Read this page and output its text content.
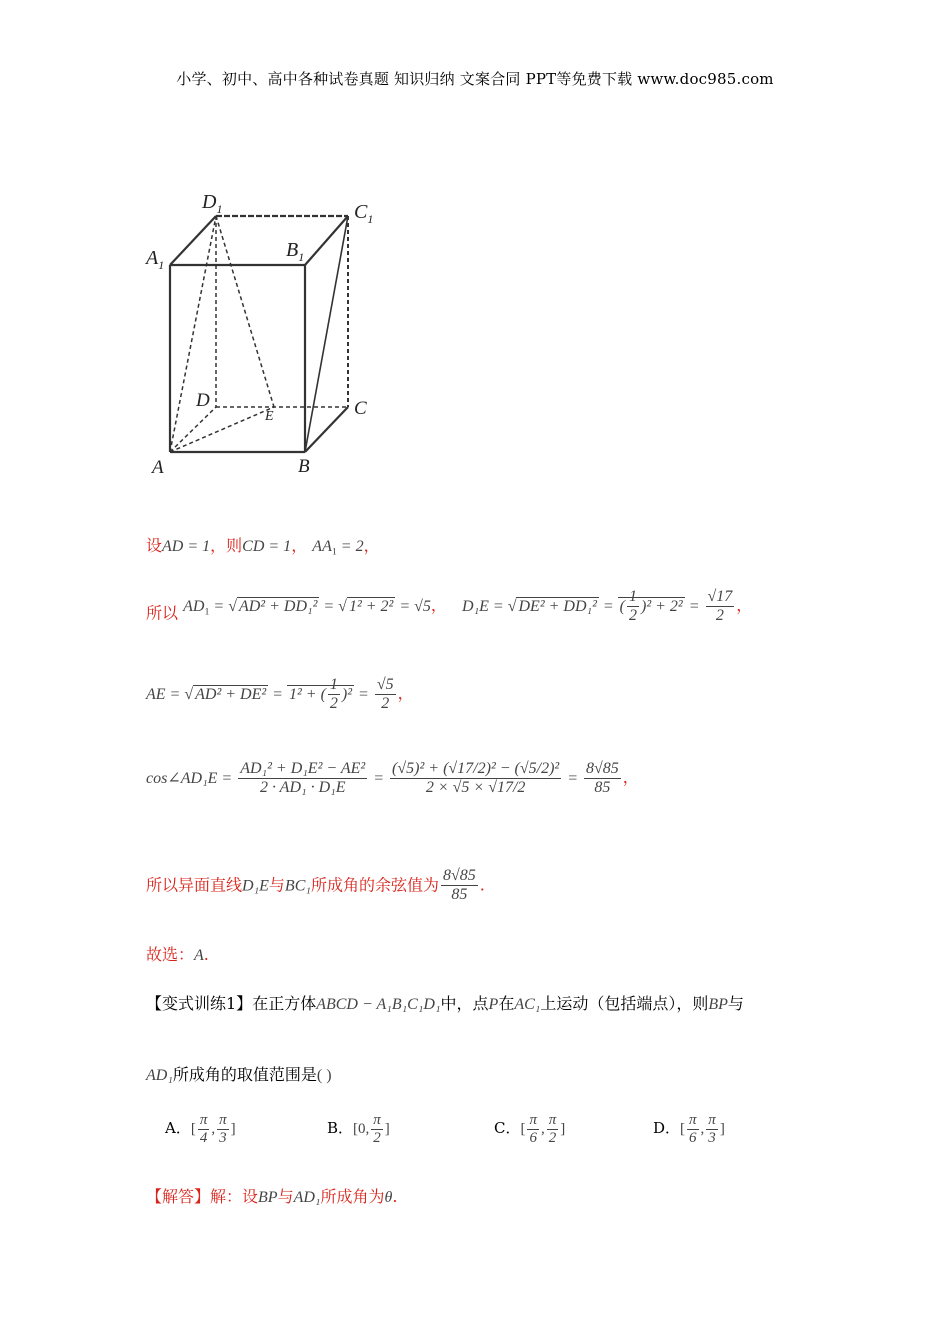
小学、初中、高中各种试卷真题 知识归纳 文案合同 PPT等免费下载 www.doc985.com
$D_1$	$C_1$
$A_1$
$B_1$
D	C
A	B
E
设AD = 1，则CD = 1， $AA_1 = 2$，
所以 $AD_1$ = √ AD² + DD₁² = √ 1² + 2² = √5， D₁E = √ DE² + DD₁² = ( $\frac{1}{2} )^2 + 2^2 = \frac{√17}{2}$ ，
AE = √ AD² + DE² = 1² + ( $\frac{1}{2} )^2 = \frac{√5}{2}$ ，
cos∠AD₁E = $\frac{\text{AD₁² + D₁E² − AE²}}{\text{2 · AD₁ · D₁E}} = \frac{\text{(√5)² + (√17/2)² − (√5/2)²}}{2 \times √5 \times √17/2} = \frac{8√85}{85}$ ，
所以异面直线D₁E与BC₁所成角的余弦值为 $\frac{8√85}{85}$ .
故选：A.
【变式训练1】在正方体ABCD − A₁B₁C₁D₁中，点P在AC₁上运动（包括端点），则BP与
AD₁所成角的取值范围是( )
A．[ $\frac{\pi}{4}$ , $\frac{\pi}{3}$ ]	B．[0, $\frac{\pi}{2}$ ]	C．[ $\frac{\pi}{6}$ , $\frac{\pi}{2}$ ]	D．[ $\frac{\pi}{6}$ , $\frac{\pi}{3}$ ]
【解答】解：设BP与AD₁所成角为θ.
